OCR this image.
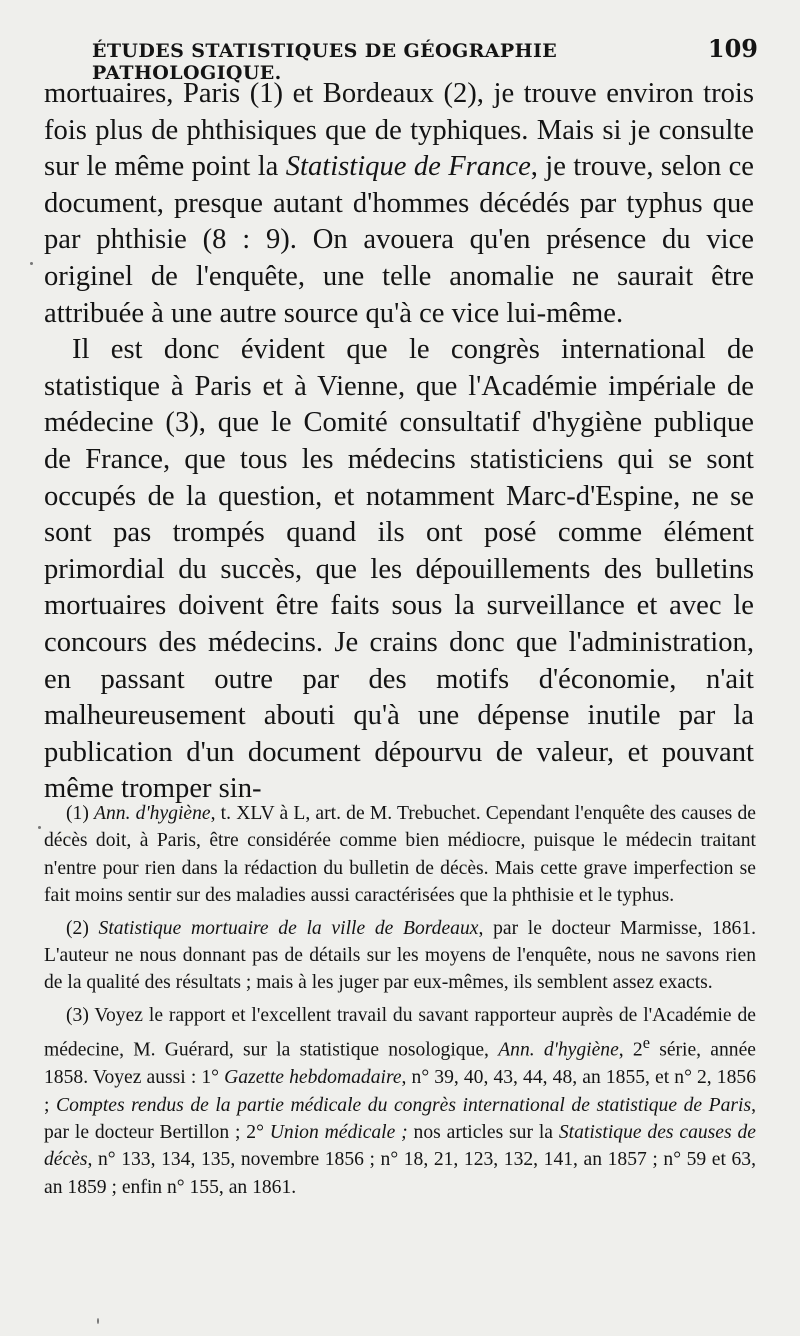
ÉTUDES STATISTIQUES DE GÉOGRAPHIE PATHOLOGIQUE.
109

mortuaires, Paris (1) et Bordeaux (2), je trouve environ trois fois plus de phthisiques que de typhiques. Mais si je consulte sur le même point la Statistique de France, je trouve, selon ce document, presque autant d'hommes décédés par typhus que par phthisie (8 : 9). On avouera qu'en présence du vice originel de l'enquête, une telle anomalie ne saurait être attribuée à une autre source qu'à ce vice lui-même.

Il est donc évident que le congrès international de statistique à Paris et à Vienne, que l'Académie impériale de médecine (3), que le Comité consultatif d'hygiène publique de France, que tous les médecins statisticiens qui se sont occupés de la question, et notamment Marc-d'Espine, ne se sont pas trompés quand ils ont posé comme élément primordial du succès, que les dépouillements des bulletins mortuaires doivent être faits sous la surveillance et avec le concours des médecins. Je crains donc que l'administration, en passant outre par des motifs d'économie, n'ait malheureusement abouti qu'à une dépense inutile par la publication d'un document dépourvu de valeur, et pouvant même tromper sin-

(1) Ann. d'hygiène, t. XLV à L, art. de M. Trebuchet. Cependant l'enquête des causes de décès doit, à Paris, être considérée comme bien médiocre, puisque le médecin traitant n'entre pour rien dans la rédaction du bulletin de décès. Mais cette grave imperfection se fait moins sentir sur des maladies aussi caractérisées que la phthisie et le typhus.

(2) Statistique mortuaire de la ville de Bordeaux, par le docteur Marmisse, 1861. L'auteur ne nous donnant pas de détails sur les moyens de l'enquête, nous ne savons rien de la qualité des résultats ; mais à les juger par eux-mêmes, ils semblent assez exacts.

(3) Voyez le rapport et l'excellent travail du savant rapporteur auprès de l'Académie de médecine, M. Guérard, sur la statistique nosologique, Ann. d'hygiène, 2e série, année 1858. Voyez aussi : 1° Gazette hebdomadaire, n° 39, 40, 43, 44, 48, an 1855, et n° 2, 1856 ; Comptes rendus de la partie médicale du congrès international de statistique de Paris, par le docteur Bertillon ; 2° Union médicale ; nos articles sur la Statistique des causes de décès, n° 133, 134, 135, novembre 1856 ; n° 18, 21, 123, 132, 141, an 1857 ; n° 59 et 63, an 1859 ; enfin n° 155, an 1861.
